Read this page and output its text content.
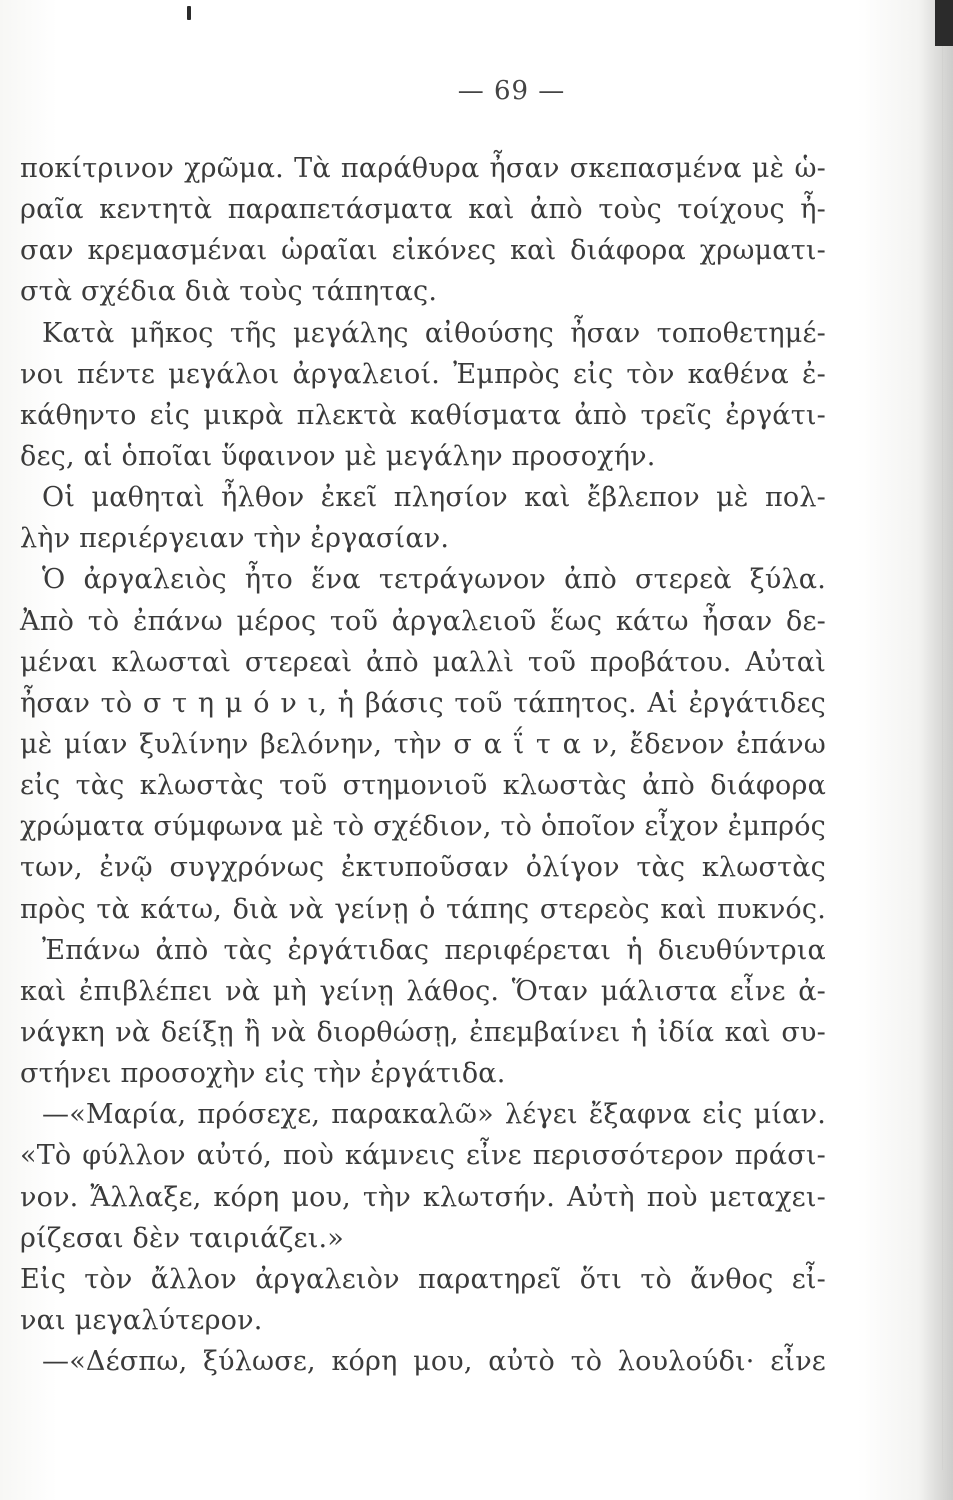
— 69 —
ποκίτρινον χρῶμα. Τὰ παράθυρα ἦσαν σκεπασμένα μὲ ὡ-
ραῖα κεντητὰ παραπετάσματα καὶ ἀπὸ τοὺς τοίχους ἦ-
σαν κρεμασμέναι ὡραῖαι εἰκόνες καὶ διάφορα χρωματι-
στὰ σχέδια διὰ τοὺς τάπητας.
Κατὰ μῆκος τῆς μεγάλης αἰθούσης ἦσαν τοποθετημέ-
νοι πέντε μεγάλοι ἀργαλειοί. Ἐμπρὸς εἰς τὸν καθένα ἐ-
κάθηντο εἰς μικρὰ πλεκτὰ καθίσματα ἀπὸ τρεῖς ἐργάτι-
δες, αἱ ὁποῖαι ὕφαινον μὲ μεγάλην προσοχήν.
Οἱ μαθηταὶ ἦλθον ἐκεῖ πλησίον καὶ ἔβλεπον μὲ πολ-
λὴν περιέργειαν τὴν ἐργασίαν.
Ὁ ἀργαλειὸς ἦτο ἕνα τετράγωνον ἀπὸ στερεὰ ξύλα.
Ἀπὸ τὸ ἐπάνω μέρος τοῦ ἀργαλειοῦ ἕως κάτω ἦσαν δε-
μέναι κλωσταὶ στερεαὶ ἀπὸ μαλλὶ τοῦ προβάτου. Αὐταὶ
ἦσαν τὸ σ τ η μ ό ν ι, ἡ βάσις τοῦ τάπητος. Αἱ ἐργάτιδες
μὲ μίαν ξυλίνην βελόνην, τὴν σ α ΐ τ α ν, ἔδενον ἐπάνω
εἰς τὰς κλωστὰς τοῦ στημονιοῦ κλωστὰς ἀπὸ διάφορα
χρώματα σύμφωνα μὲ τὸ σχέδιον, τὸ ὁποῖον εἶχον ἐμπρός
των, ἐνῷ συγχρόνως ἐκτυποῦσαν ὀλίγον τὰς κλωστὰς
πρὸς τὰ κάτω, διὰ νὰ γείνῃ ὁ τάπης στερεὸς καὶ πυκνός.
Ἐπάνω ἀπὸ τὰς ἐργάτιδας περιφέρεται ἡ διευθύντρια
καὶ ἐπιβλέπει νὰ μὴ γείνῃ λάθος. Ὅταν μάλιστα εἶνε ἀ-
νάγκη νὰ δείξῃ ἢ νὰ διορθώσῃ, ἐπεμβαίνει ἡ ἰδία καὶ συ-
στήνει προσοχὴν εἰς τὴν ἐργάτιδα.
—«Μαρία, πρόσεχε, παρακαλῶ» λέγει ἔξαφνα εἰς μίαν.
«Τὸ φύλλον αὐτό, ποὺ κάμνεις εἶνε περισσότερον πράσι-
νον. Ἄλλαξε, κόρη μου, τὴν κλωτσήν. Αὐτὴ ποὺ μεταχει-
ρίζεσαι δὲν ταιριάζει.»
Εἰς τὸν ἄλλον ἀργαλειὸν παρατηρεῖ ὅτι τὸ ἄνθος εἶ-
ναι μεγαλύτερον.
—«Δέσπω, ξύλωσε, κόρη μου, αὐτὸ τὸ λουλούδι· εἶνε
